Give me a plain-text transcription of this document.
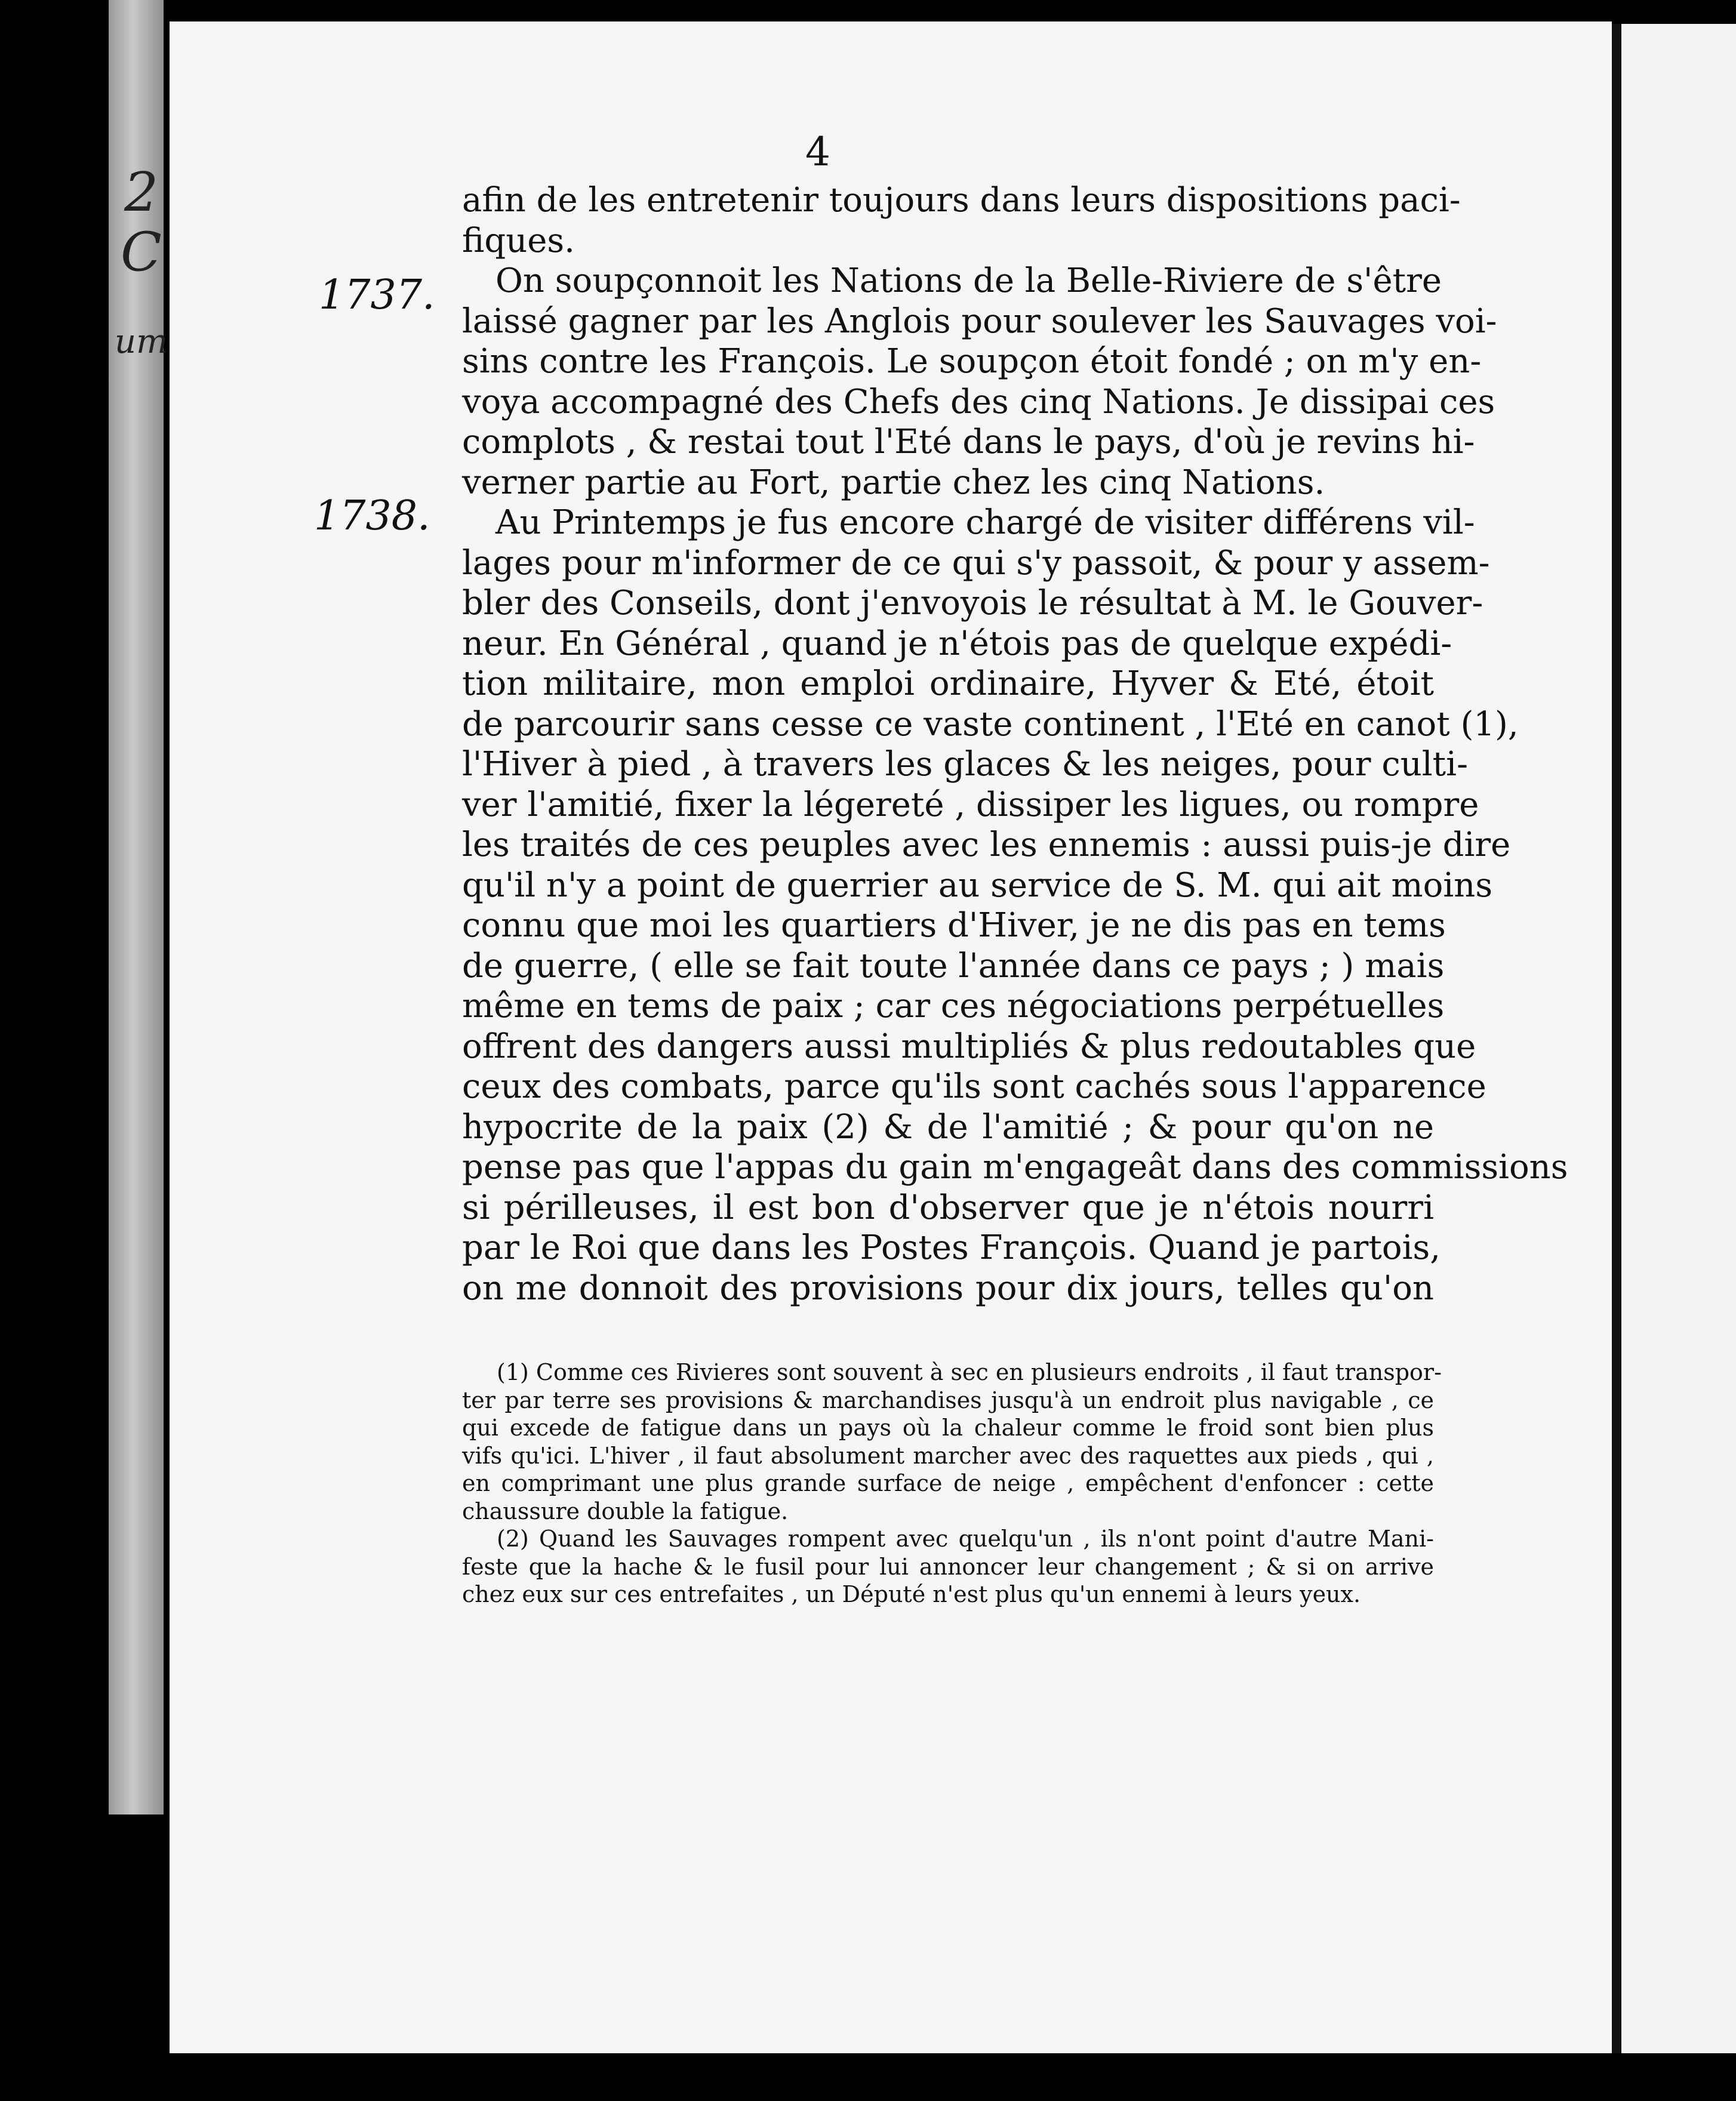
2
C
um
4
1737.
1738.
afin de les entretenir toujours dans leurs dispositions paci-
fiques.
On soupçonnoit les Nations de la Belle-Riviere de s'être
laissé gagner par les Anglois pour soulever les Sauvages voi-
sins contre les François. Le soupçon étoit fondé ; on m'y en-
voya accompagné des Chefs des cinq Nations. Je dissipai ces
complots , & restai tout l'Eté dans le pays, d'où je revins hi-
verner partie au Fort, partie chez les cinq Nations.
Au Printemps je fus encore chargé de visiter différens vil-
lages pour m'informer de ce qui s'y passoit, & pour y assem-
bler des Conseils, dont j'envoyois le résultat à M. le Gouver-
neur. En Général , quand je n'étois pas de quelque expédi-
tion militaire, mon emploi ordinaire, Hyver & Eté, étoit
de parcourir sans cesse ce vaste continent , l'Eté en canot (1),
l'Hiver à pied , à travers les glaces & les neiges, pour culti-
ver l'amitié, fixer la légereté , dissiper les ligues, ou rompre
les traités de ces peuples avec les ennemis : aussi puis-je dire
qu'il n'y a point de guerrier au service de S. M. qui ait moins
connu que moi les quartiers d'Hiver, je ne dis pas en tems
de guerre, ( elle se fait toute l'année dans ce pays ; ) mais
même en tems de paix ; car ces négociations perpétuelles
offrent des dangers aussi multipliés & plus redoutables que
ceux des combats, parce qu'ils sont cachés sous l'apparence
hypocrite de la paix (2) & de l'amitié ; & pour qu'on ne
pense pas que l'appas du gain m'engageât dans des commissions
si périlleuses, il est bon d'observer que je n'étois nourri
par le Roi que dans les Postes François. Quand je partois,
on me donnoit des provisions pour dix jours, telles qu'on
(1) Comme ces Rivieres sont souvent à sec en plusieurs endroits , il faut transpor-
ter par terre ses provisions & marchandises jusqu'à un endroit plus navigable , ce
qui excede de fatigue dans un pays où la chaleur comme le froid sont bien plus
vifs qu'ici. L'hiver , il faut absolument marcher avec des raquettes aux pieds , qui ,
en comprimant une plus grande surface de neige , empêchent d'enfoncer : cette
chaussure double la fatigue.
(2) Quand les Sauvages rompent avec quelqu'un , ils n'ont point d'autre Mani-
feste que la hache & le fusil pour lui annoncer leur changement ; & si on arrive
chez eux sur ces entrefaites , un Député n'est plus qu'un ennemi à leurs yeux.
